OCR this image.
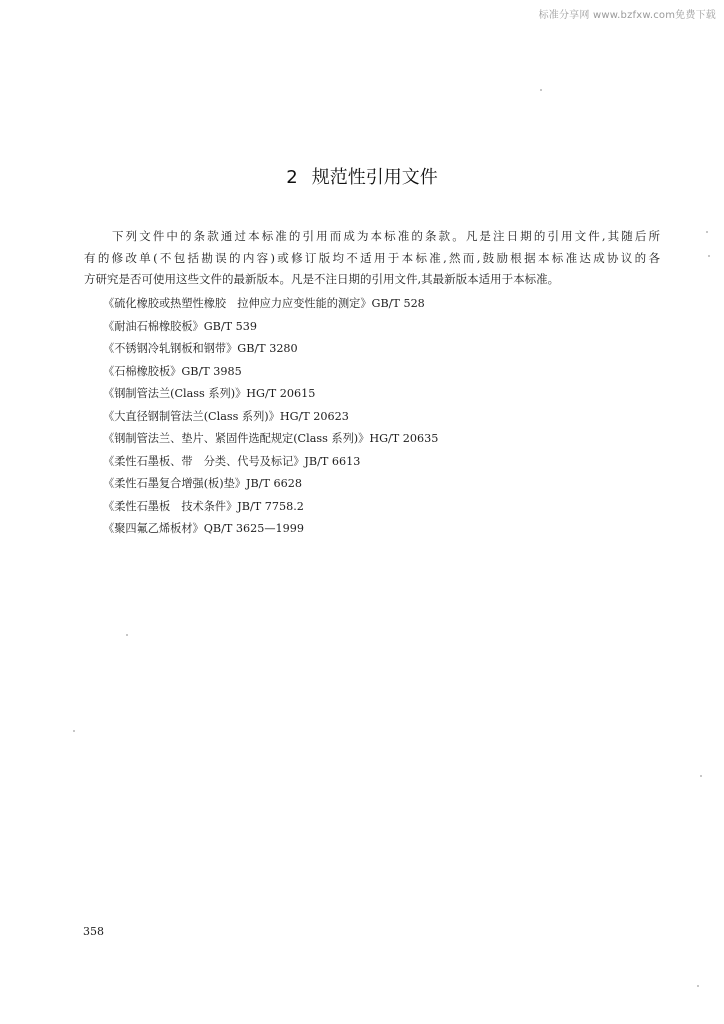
标准分享网 www.bzfxw.com免费下载
2 规范性引用文件
下列文件中的条款通过本标准的引用而成为本标准的条款。凡是注日期的引用文件,其随后所
有的修改单(不包括勘误的内容)或修订版均不适用于本标准,然而,鼓励根据本标准达成协议的各
方研究是否可使用这些文件的最新版本。凡是不注日期的引用文件,其最新版本适用于本标准。
《硫化橡胶或热塑性橡胶　拉伸应力应变性能的测定》GB/T 528
《耐油石棉橡胶板》GB/T 539
《不锈钢冷轧钢板和钢带》GB/T 3280
《石棉橡胶板》GB/T 3985
《钢制管法兰(Class 系列)》HG/T 20615
《大直径钢制管法兰(Class 系列)》HG/T 20623
《钢制管法兰、垫片、紧固件选配规定(Class 系列)》HG/T 20635
《柔性石墨板、带　分类、代号及标记》JB/T 6613
《柔性石墨复合增强(板)垫》JB/T 6628
《柔性石墨板　技术条件》JB/T 7758.2
《聚四氟乙烯板材》QB/T 3625—1999
358
